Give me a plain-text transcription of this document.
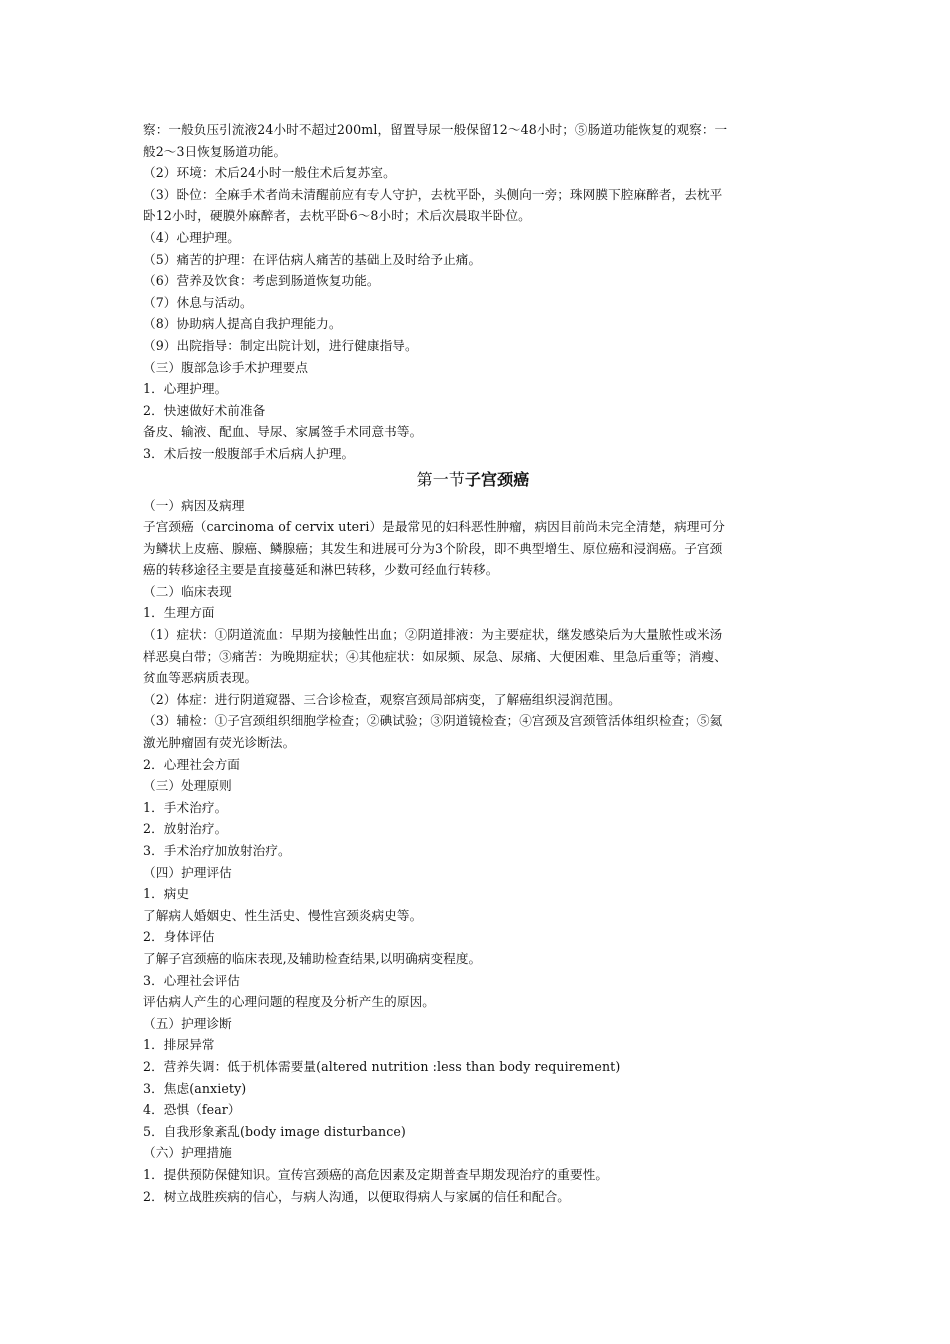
察：一般负压引流液24小时不超过200ml，留置导尿一般保留12～48小时；⑤肠道功能恢复的观察：一
般2～3日恢复肠道功能。
（2）环境：术后24小时一般住术后复苏室。
（3）卧位：全麻手术者尚未清醒前应有专人守护，去枕平卧，头侧向一旁；珠网膜下腔麻醉者，去枕平
卧12小时，硬膜外麻醉者，去枕平卧6～8小时；术后次晨取半卧位。
（4）心理护理。
（5）痛苦的护理：在评估病人痛苦的基础上及时给予止痛。
（6）营养及饮食：考虑到肠道恢复功能。
（7）休息与活动。
（8）协助病人提高自我护理能力。
（9）出院指导：制定出院计划，进行健康指导。
（三）腹部急诊手术护理要点
1．心理护理。
2．快速做好术前准备
备皮、输液、配血、导尿、家属签手术同意书等。
3．术后按一般腹部手术后病人护理。
第一节子宫颈癌
（一）病因及病理
子宫颈癌（carcinoma of cervix uteri）是最常见的妇科恶性肿瘤，病因目前尚未完全清楚，病理可分
为鳞状上皮癌、腺癌、鳞腺癌；其发生和进展可分为3个阶段，即不典型增生、原位癌和浸润癌。子宫颈
癌的转移途径主要是直接蔓延和淋巴转移，少数可经血行转移。
（二）临床表现
1．生理方面
（1）症状：①阴道流血：早期为接触性出血；②阴道排液：为主要症状，继发感染后为大量脓性或米汤
样恶臭白带；③痛苦：为晚期症状；④其他症状：如尿频、尿急、尿痛、大便困难、里急后重等；消瘦、
贫血等恶病质表现。
（2）体症：进行阴道窥器、三合诊检查，观察宫颈局部病变，了解癌组织浸润范围。
（3）辅检：①子宫颈组织细胞学检查；②碘试验；③阴道镜检查；④宫颈及宫颈管活体组织检查；⑤氦
激光肿瘤固有荧光诊断法。
2．心理社会方面
（三）处理原则
1．手术治疗。
2．放射治疗。
3．手术治疗加放射治疗。
（四）护理评估
1．病史
了解病人婚姻史、性生活史、慢性宫颈炎病史等。
2．身体评估
了解子宫颈癌的临床表现,及辅助检查结果,以明确病变程度。
3．心理社会评估
评估病人产生的心理问题的程度及分析产生的原因。
（五）护理诊断
1．排尿异常
2．营养失调：低于机体需要量(altered nutrition :less than body requirement)
3．焦虑(anxiety)
4．恐惧（fear）
5．自我形象紊乱(body image disturbance)
（六）护理措施
1．提供预防保健知识。宣传宫颈癌的高危因素及定期普查早期发现治疗的重要性。
2．树立战胜疾病的信心，与病人沟通，以便取得病人与家属的信任和配合。
